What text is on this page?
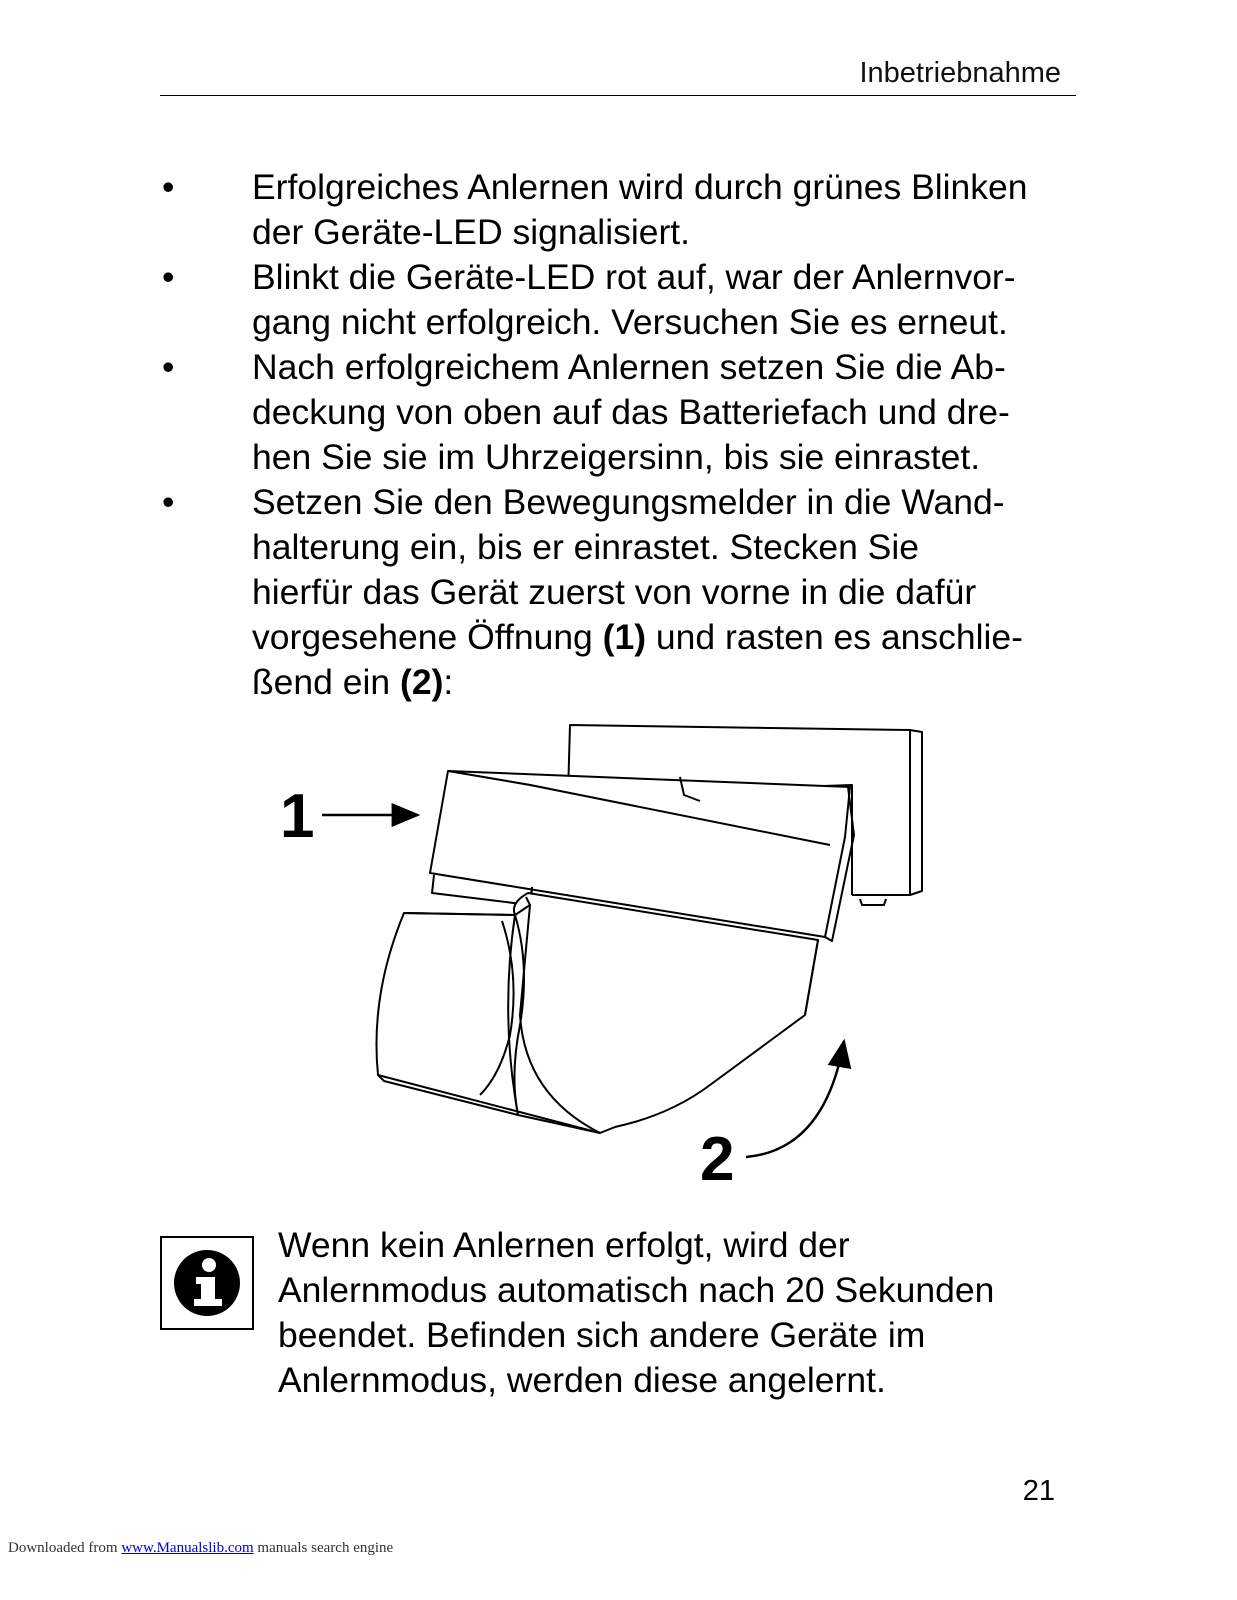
Inbetriebnahme
• Erfolgreiches Anlernen wird durch grünes Blinken
der Geräte-LED signalisiert.
• Blinkt die Geräte-LED rot auf, war der Anlernvor-
gang nicht erfolgreich. Versuchen Sie es erneut.
• Nach erfolgreichem Anlernen setzen Sie die Ab-
deckung von oben auf das Batteriefach und dre-
hen Sie sie im Uhrzeigersinn, bis sie einrastet.
• Setzen Sie den Bewegungsmelder in die Wand-
halterung ein, bis er einrastet. Stecken Sie
hierfür das Gerät zuerst von vorne in die dafür
vorgesehene Öffnung (1) und rasten es anschlie-
ßend ein (2):
1
2
Wenn kein Anlernen erfolgt, wird der
Anlernmodus automatisch nach 20 Sekunden
beendet. Befinden sich andere Geräte im
Anlernmodus, werden diese angelernt.
21
Downloaded from www.Manualslib.com manuals search engine
